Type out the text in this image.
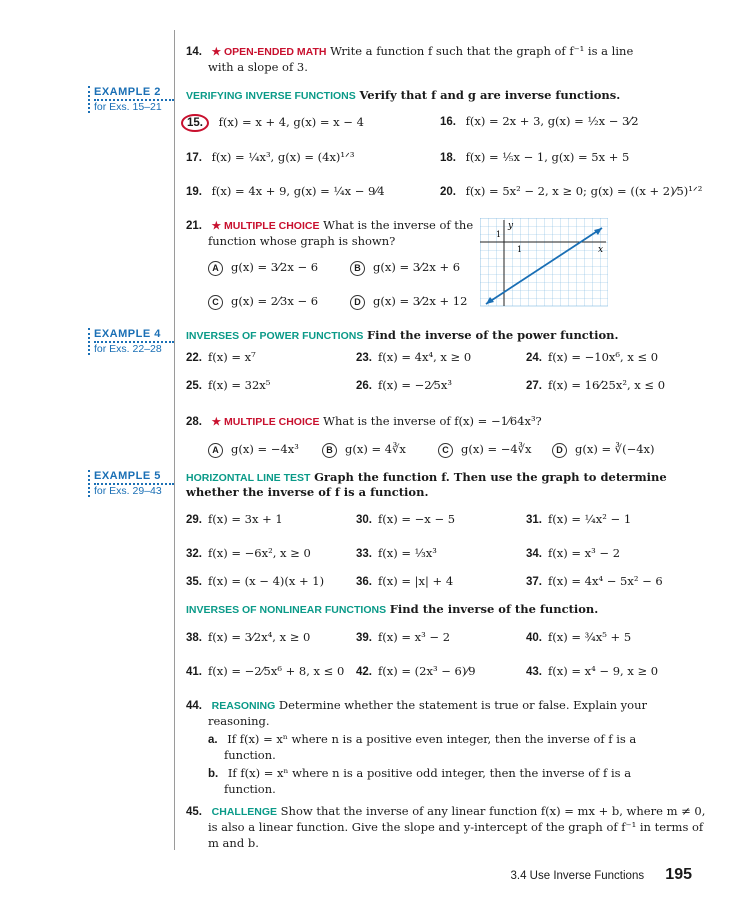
14. ★ OPEN-ENDED MATH Write a function f such that the graph of f⁻¹ is a line
with a slope of 3.
EXAMPLE 2
for Exs. 15–21
VERIFYING INVERSE FUNCTIONS Verify that f and g are inverse functions.
15. f(x) = x + 4, g(x) = x − 4	16. f(x) = 2x + 3, g(x) = ½x − 3⁄2
17. f(x) = ¼x³, g(x) = (4x)¹ᐟ³	18. f(x) = ⅕x − 1, g(x) = 5x + 5
19. f(x) = 4x + 9, g(x) = ¼x − 9⁄4	20. f(x) = 5x² − 2, x ≥ 0; g(x) = ((x + 2)⁄5)¹ᐟ²
21. ★ MULTIPLE CHOICE What is the inverse of the
function whose graph is shown?
A g(x) = 3⁄2x − 6	B g(x) = 3⁄2x + 6
C g(x) = 2⁄3x − 6	D g(x) = 3⁄2x + 12
y
x
1
1
EXAMPLE 4
for Exs. 22–28
INVERSES OF POWER FUNCTIONS Find the inverse of the power function.
22. f(x) = x⁷	23. f(x) = 4x⁴, x ≥ 0	24. f(x) = −10x⁶, x ≤ 0
25. f(x) = 32x⁵	26. f(x) = −2⁄5x³	27. f(x) = 16⁄25x², x ≤ 0
28. ★ MULTIPLE CHOICE What is the inverse of f(x) = −1⁄64x³?
A g(x) = −4x³	B g(x) = 4∛x	C g(x) = −4∛x	D g(x) = ∛(−4x)
EXAMPLE 5
for Exs. 29–43
HORIZONTAL LINE TEST Graph the function f. Then use the graph to determine
whether the inverse of f is a function.
29. f(x) = 3x + 1	30. f(x) = −x − 5	31. f(x) = ¼x² − 1
32. f(x) = −6x², x ≥ 0	33. f(x) = ⅓x³	34. f(x) = x³ − 2
35. f(x) = (x − 4)(x + 1)	36. f(x) = |x| + 4	37. f(x) = 4x⁴ − 5x² − 6
INVERSES OF NONLINEAR FUNCTIONS Find the inverse of the function.
38. f(x) = 3⁄2x⁴, x ≥ 0	39. f(x) = x³ − 2	40. f(x) = ¾x⁵ + 5
41. f(x) = −2⁄5x⁶ + 8, x ≤ 0 42. f(x) = (2x³ − 6)⁄9	43. f(x) = x⁴ − 9, x ≥ 0
44. REASONING Determine whether the statement is true or false. Explain your
reasoning.
a. If f(x) = xⁿ where n is a positive even integer, then the inverse of f is a
function.
b. If f(x) = xⁿ where n is a positive odd integer, then the inverse of f is a
function.
45. CHALLENGE Show that the inverse of any linear function f(x) = mx + b, where m ≠ 0,
is also a linear function. Give the slope and y-intercept of the graph of f⁻¹ in terms of
m and b.
3.4 Use Inverse Functions 195
